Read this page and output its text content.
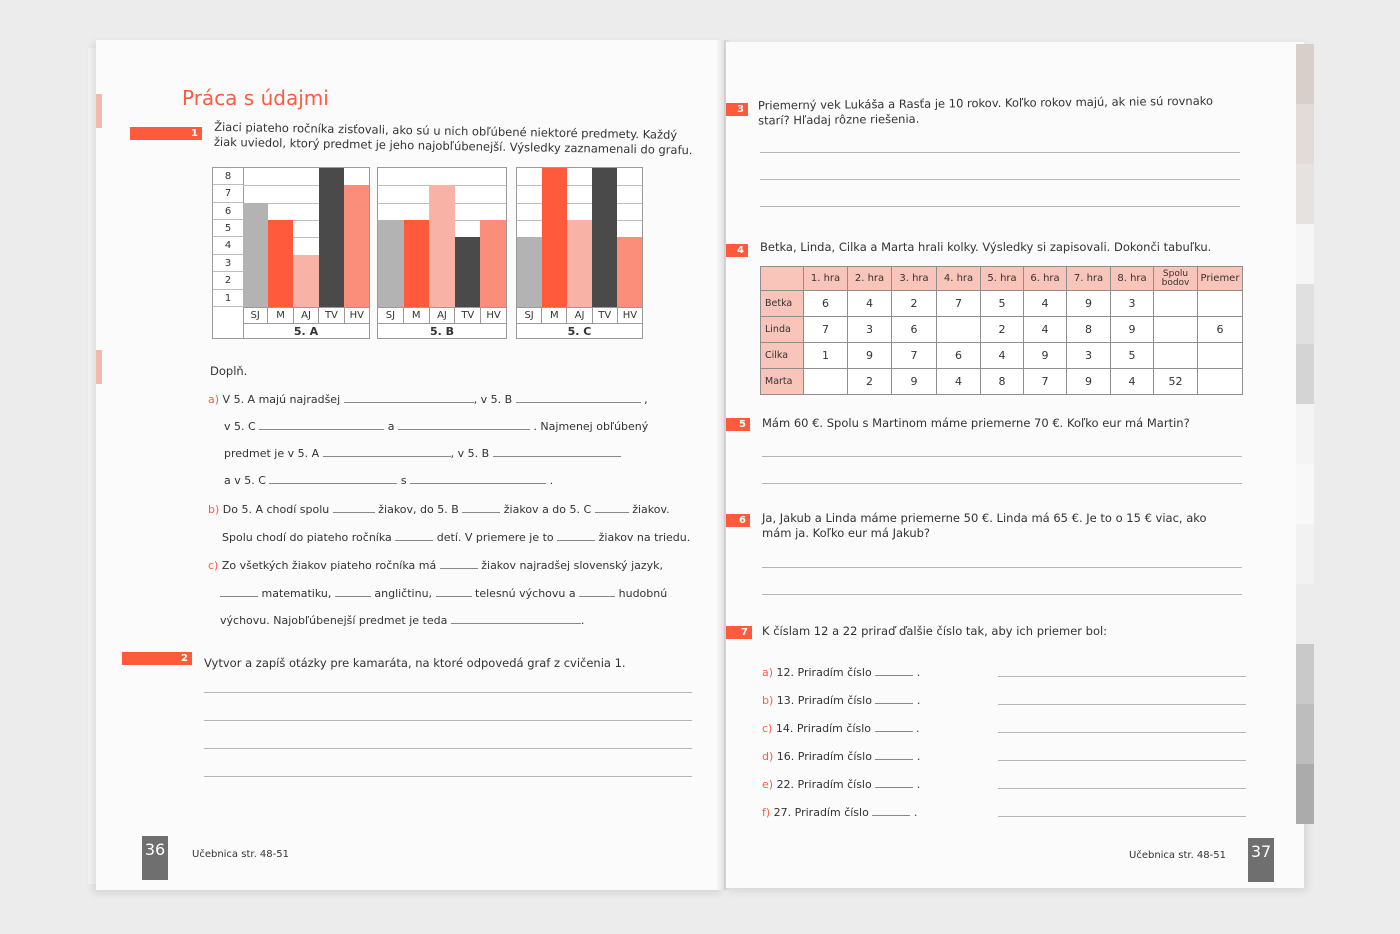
Práca s údajmi
1	Žiaci piateho ročníka zisťovali, ako sú u nich obľúbené niektoré predmety. Každý žiak uviedol, ktorý predmet je jeho najobľúbenejší. Výsledky zaznamenali do grafu.
1
2
3
4
5
6
7
8
SJ	M	AJ	TV	HV
5. A
SJ	M	AJ	TV	HV
5. B
SJ	M	AJ	TV	HV
5. C
Doplň.
a) V 5. A majú najradšej	, v 5. B	,
v 5. C	a	. Najmenej obľúbený
predmet je v 5. A	, v 5. B
a v 5. C	s	.
b) Do 5. A chodí spolu	žiakov, do 5. B	žiakov a do 5. C	žiakov.
Spolu chodí do piateho ročníka	detí. V priemere je to	žiakov na triedu.
c) Zo všetkých žiakov piateho ročníka má	žiakov najradšej slovenský jazyk,
matematiku,	angličtinu,	telesnú výchovu a	hudobnú
výchovu. Najobľúbenejší predmet je teda	.
2	Vytvor a zapíš otázky pre kamaráta, na ktoré odpovedá graf z cvičenia 1.
36	Učebnica str. 48-51
3	Priemerný vek Lukáša a Rasťa je 10 rokov. Koľko rokov majú, ak nie sú rovnako starí? Hľadaj rôzne riešenia.
4	Betka, Linda, Cilka a Marta hrali kolky. Výsledky si zapisovali. Dokonči tabuľku.
	1. hra	2. hra	3. hra	4. hra	5. hra	6. hra	7. hra	8. hra	Spolu bodov	Priemer
Betka	6	4	2	7	5	4	9	3		
Linda	7	3	6		2	4	8	9		6
Cilka	1	9	7	6	4	9	3	5		
Marta		2	9	4	8	7	9	4	52	
5	Mám 60 €. Spolu s Martinom máme priemerne 70 €. Koľko eur má Martin?
6	Ja, Jakub a Linda máme priemerne 50 €. Linda má 65 €. Je to o 15 € viac, ako mám ja. Koľko eur má Jakub?
7	K číslam 12 a 22 priraď ďalšie číslo tak, aby ich priemer bol:
a) 12. Priradím číslo	.
b) 13. Priradím číslo	.
c) 14. Priradím číslo	.
d) 16. Priradím číslo	.
e) 22. Priradím číslo	.
f) 27. Priradím číslo	.
Učebnica str. 48-51 37
